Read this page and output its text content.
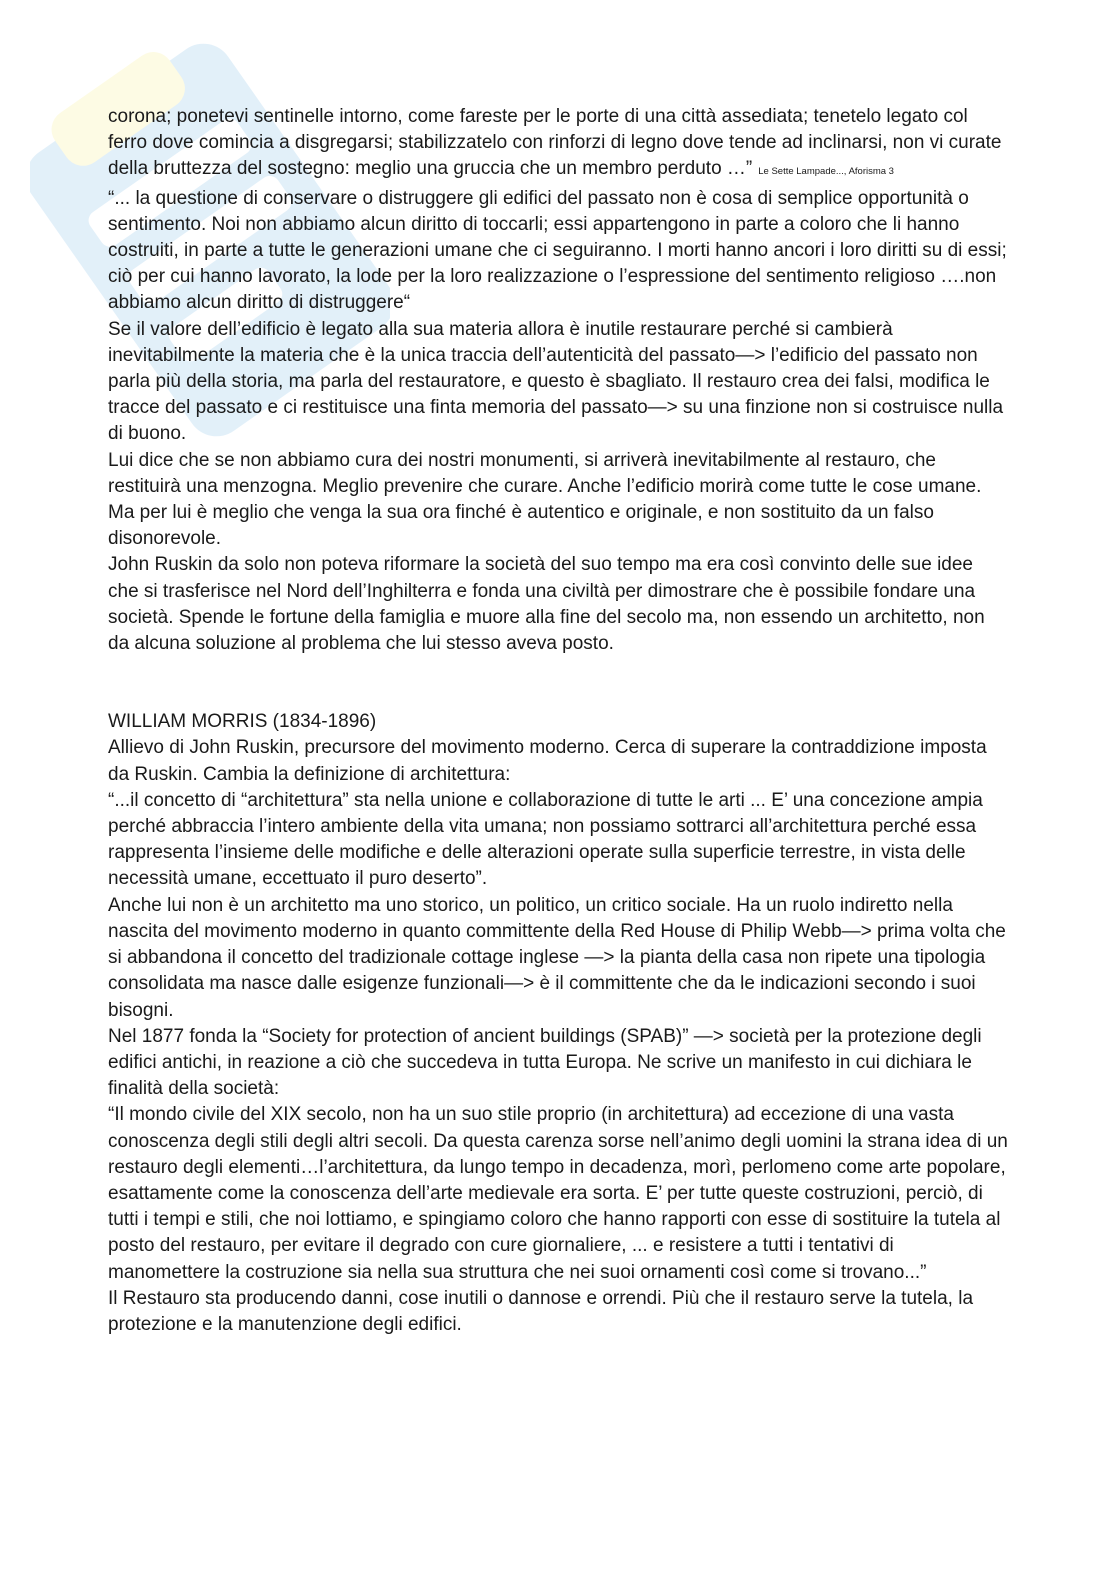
corona; ponetevi sentinelle intorno, come fareste per le porte di una città assediata; tenetelo legato col ferro dove comincia a disgregarsi; stabilizzatelo con rinforzi di legno dove tende ad inclinarsi, non vi curate della bruttezza del sostegno: meglio una gruccia che un membro perduto …” Le Sette Lampade..., Aforisma 3

“... la questione di conservare o distruggere gli edifici del passato non è cosa di semplice opportunità o sentimento. Noi non abbiamo alcun diritto di toccarli; essi appartengono in parte a coloro che li hanno costruiti, in parte a tutte le generazioni umane che ci seguiranno. I morti hanno ancori i loro diritti su di essi; ciò per cui hanno lavorato, la lode per la loro realizzazione o l’espressione del sentimento religioso ….non abbiamo alcun diritto di distruggere“

Se il valore dell’edificio è legato alla sua materia allora è inutile restaurare perché si cambierà inevitabilmente la materia che è la unica traccia dell’autenticità del passato—> l’edificio del passato non parla più della storia, ma parla del restauratore, e questo è sbagliato. Il restauro crea dei falsi, modifica le tracce del passato e ci restituisce una finta memoria del passato—> su una finzione non si costruisce nulla di buono.

Lui dice che se non abbiamo cura dei nostri monumenti, si arriverà inevitabilmente al restauro, che restituirà una menzogna. Meglio prevenire che curare. Anche l’edificio morirà come tutte le cose umane. Ma per lui è meglio che venga la sua ora finché è autentico e originale, e non sostituito da un falso disonorevole.

John Ruskin da solo non poteva riformare la società del suo tempo ma era così convinto delle sue idee che si trasferisce nel Nord dell’Inghilterra e fonda una civiltà per dimostrare che è possibile fondare una società. Spende le fortune della famiglia e muore alla fine del secolo ma, non essendo un architetto, non da alcuna soluzione al problema che lui stesso aveva posto.

WILLIAM MORRIS (1834-1896)

Allievo di John Ruskin, precursore del movimento moderno. Cerca di superare la contraddizione imposta da Ruskin. Cambia la definizione di architettura:

“...il concetto di “architettura” sta nella unione e collaborazione di tutte le arti ... E’ una concezione ampia perché abbraccia l’intero ambiente della vita umana; non possiamo sottrarci all’architettura perché essa rappresenta l’insieme delle modifiche e delle alterazioni operate sulla superficie terrestre, in vista delle necessità umane, eccettuato il puro deserto”.

Anche lui non è un architetto ma uno storico, un politico, un critico sociale. Ha un ruolo indiretto nella nascita del movimento moderno in quanto committente della Red House di Philip Webb—> prima volta che si abbandona il concetto del tradizionale cottage inglese —> la pianta della casa non ripete una tipologia consolidata ma nasce dalle esigenze funzionali—> è il committente che da le indicazioni secondo i suoi bisogni.

Nel 1877 fonda la “Society for protection of ancient buildings (SPAB)” —> società per la protezione degli edifici antichi, in reazione a ciò che succedeva in tutta Europa. Ne scrive un manifesto in cui dichiara le finalità della società:

“Il mondo civile del XIX secolo, non ha un suo stile proprio (in architettura) ad eccezione di una vasta conoscenza degli stili degli altri secoli. Da questa carenza sorse nell’animo degli uomini la strana idea di un restauro degli elementi…l’architettura, da lungo tempo in decadenza, morì, perlomeno come arte popolare, esattamente come la conoscenza dell’arte medievale era sorta. E’ per tutte queste costruzioni, perciò, di tutti i tempi e stili, che noi lottiamo, e spingiamo coloro che hanno rapporti con esse di sostituire la tutela al posto del restauro, per evitare il degrado con cure giornaliere, ... e resistere a tutti i tentativi di manomettere la costruzione sia nella sua struttura che nei suoi ornamenti così come si trovano...”

Il Restauro sta producendo danni, cose inutili o dannose e orrendi. Più che il restauro serve la tutela, la protezione e la manutenzione degli edifici.
